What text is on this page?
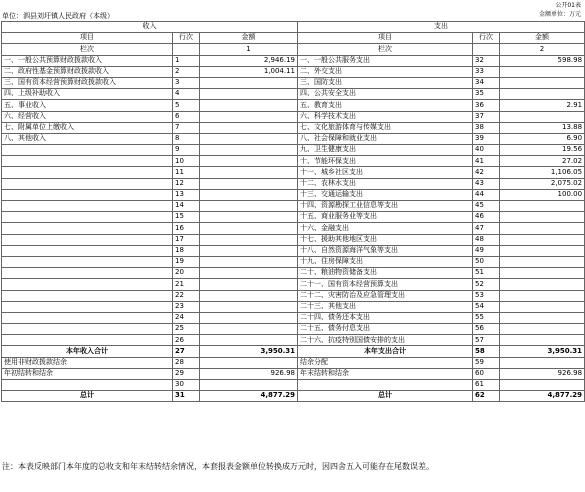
公开01表
单位：泗县刘圩镇人民政府（本级）	金额单位：万元
收入			支出		
项目	行次	金额	项目	行次	金额
栏次		1	栏次		2
一、一般公共预算财政拨款收入	1	2,946.19	一、一般公共服务支出	32	598.98
二、政府性基金预算财政拨款收入	2	1,004.11	二、外交支出	33	
三、国有资本经营预算财政拨款收入	3		三、国防支出	34	
四、上级补助收入	4		四、公共安全支出	35	
五、事业收入	5		五、教育支出	36	2.91
六、经营收入	6		六、科学技术支出	37	
七、附属单位上缴收入	7		七、文化旅游体育与传媒支出	38	13.88
八、其他收入	8		八、社会保障和就业支出	39	6.90
	9		九、卫生健康支出	40	19.56
	10		十、节能环保支出	41	27.02
	11		十一、城乡社区支出	42	1,106.05
	12		十二、农林水支出	43	2,075.02
	13		十三、交通运输支出	44	100.00
	14		十四、资源勘探工业信息等支出	45	
	15		十五、商业服务业等支出	46	
	16		十六、金融支出	47	
	17		十七、援助其他地区支出	48	
	18		十八、自然资源海洋气象等支出	49	
	19		十九、住房保障支出	50	
	20		二十、粮油物资储备支出	51	
	21		二十一、国有资本经营预算支出	52	
	22		二十二、灾害防治及应急管理支出	53	
	23		二十三、其他支出	54	
	24		二十四、债务还本支出	55	
	25		二十五、债务付息支出	56	
	26		二十六、抗疫特别国债安排的支出	57	
本年收入合计	27	3,950.31	本年支出合计	58	3,950.31
使用非财政拨款结余	28		结余分配	59	
年初结转和结余	29	926.98	年末结转和结余	60	926.98
	30			61	
总计	31	4,877.29	总计	62	4,877.29
注：本表反映部门本年度的总收支和年末结转结余情况，本套报表金额单位转换成万元时，因四舍五入可能存在尾数误差。
